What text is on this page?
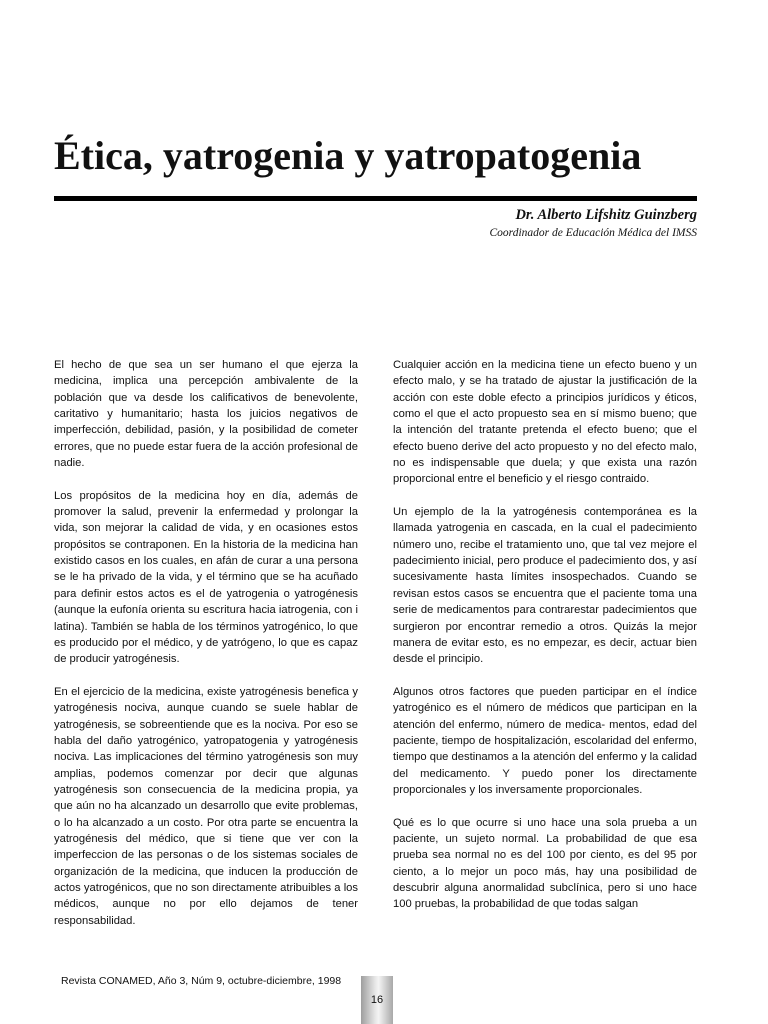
Ética, yatrogenia y yatropatogenia
Dr. Alberto Lifshitz Guinzberg
Coordinador de Educación Médica del IMSS

El hecho de que sea un ser humano el que ejerza la medicina, implica una percepción ambivalente de la población que va desde los calificativos de benevolente, caritativo y humanitario; hasta los juicios negativos de imperfección, debilidad, pasión, y la posibilidad de cometer errores, que no puede estar fuera de la acción profesional de nadie.

Los propósitos de la medicina hoy en día, además de promover la salud, prevenir la enfermedad y prolongar la vida, son mejorar la calidad de vida, y en ocasiones estos propósitos se contraponen. En la historia de la medicina han existido casos en los cuales, en afán de curar a una persona se le ha privado de la vida, y el término que se ha acuñado para definir estos actos es el de yatrogenia o yatrogénesis (aunque la eufonía orienta su escritura hacia iatrogenia, con i latina). También se habla de los términos yatrogénico, lo que es producido por el médico, y de yatrógeno, lo que es capaz de producir yatrogénesis.

En el ejercicio de la medicina, existe yatrogénesis benefica y yatrogénesis nociva, aunque cuando se suele hablar de yatrogénesis, se sobreentiende que es la nociva. Por eso se habla del daño yatrogénico, yatropatogenia y yatrogénesis nociva. Las implicaciones del término yatrogénesis son muy amplias, podemos comenzar por decir que algunas yatrogénesis son consecuencia de la medicina propia, ya que aún no ha alcanzado un desarrollo que evite problemas, o lo ha alcanzado a un costo. Por otra parte se encuentra la yatrogénesis del médico, que si tiene que ver con la imperfeccion de las personas o de los sistemas sociales de organización de la medicina, que inducen la producción de actos yatrogénicos, que no son directamente atribuibles a los médicos, aunque no por ello dejamos de tener responsabilidad.

Cualquier acción en la medicina tiene un efecto bueno y un efecto malo, y se ha tratado de ajustar la justificación de la acción con este doble efecto a principios jurídicos y éticos, como el que el acto propuesto sea en sí mismo bueno; que la intención del tratante pretenda el efecto bueno; que el efecto bueno derive del acto propuesto y no del efecto malo, no es indispensable que duela; y que exista una razón proporcional entre el beneficio y el riesgo contraido.

Un ejemplo de la la yatrogénesis contemporánea es la llamada yatrogenia en cascada, en la cual el padecimiento número uno, recibe el tratamiento uno, que tal vez mejore el padecimiento inicial, pero produce el padecimiento dos, y así sucesivamente hasta límites insospechados. Cuando se revisan estos casos se encuentra que el paciente toma una serie de medicamentos para contrarestar padecimientos que surgieron por encontrar remedio a otros. Quizás la mejor manera de evitar esto, es no empezar, es decir, actuar bien desde el principio.

Algunos otros factores que pueden participar en el índice yatrogénico es el número de médicos que participan en la atención del enfermo, número de medica- mentos, edad del paciente, tiempo de hospitalización, escolaridad del enfermo, tiempo que destinamos a la atención del enfermo y la calidad del medicamento. Y puedo poner los directamente proporcionales y los inversamente proporcionales.

Qué es lo que ocurre si uno hace una sola prueba a un paciente, un sujeto normal. La probabilidad de que esa prueba sea normal no es del 100 por ciento, es del 95 por ciento, a lo mejor un poco más, hay una posibilidad de descubrir alguna anormalidad subclínica, pero si uno hace 100 pruebas, la probabilidad de que todas salgan

Revista CONAMED, Año 3, Núm 9, octubre-diciembre, 1998
16
